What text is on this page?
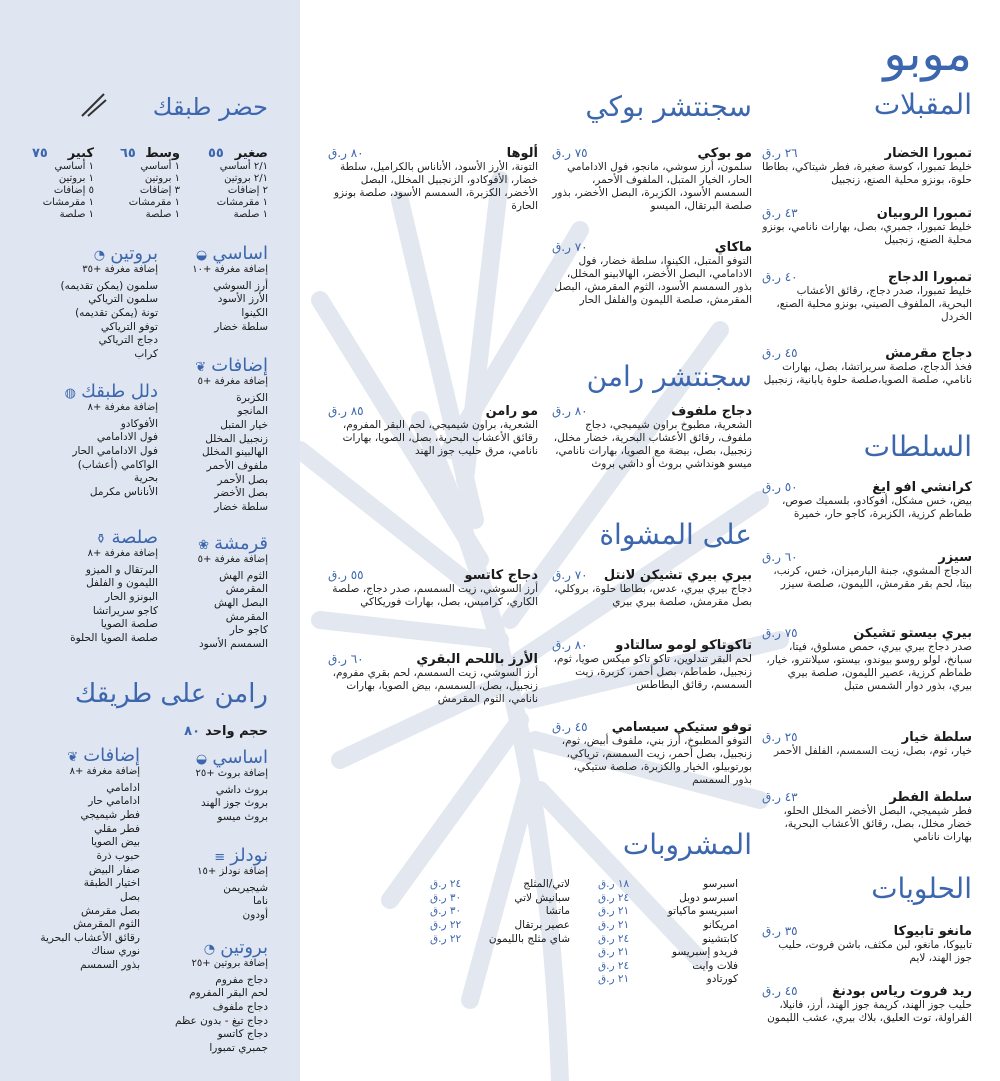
موبو
المقبلات
تمبورا الخضار
٢٦ ر.ق
خليط تمبورا، كوسة صغيرة، فطر شيتاكي، بطاطا حلوة، بونزو محلية الصنع، زنجبيل
تمبورا الروبيان
٤٣ ر.ق
خليط تمبورا، جمبري، بصل، بهارات نانامي، بونزو محلية الصنع، زنجبيل
تمبورا الدجاج
٤٠ ر.ق
خليط تمبورا، صدر دجاج، رقائق الأعشاب البحرية، الملفوف الصيني، بونزو محلية الصنع، الخردل
دجاج مقرمش
٤٥ ر.ق
فخذ الدجاج، صلصة سريراتشا، بصل، بهارات نانامي، صلصة الصويا،صلصة حلوة يابانية، زنجبيل
السلطات
كرانشي افو ايغ
٥٠ ر.ق
بيض، خس مشكل، أفوكادو، بلسميك صوص، طماطم كرزية، الكزبرة، كاجو حار، خميرة
سيزر
٦٠ ر.ق
الدجاج المشوي، جبنة البارميزان، خس، كرنب، بيتا، لحم بقر مقرمش، الليمون، صلصة سيزر
بيري بيستو تشيكن
٧٥ ر.ق
صدر دجاج بيري بيري، حمص مسلوق، فيتا، سبانخ، لولو روسو بيوندو، بيستو، سيلانترو، خيار، طماطم كرزية، عصير الليمون، صلصة بيري بيري، بذور دوار الشمس متبل
سلطة خيار
٢٥ ر.ق
خيار، ثوم، بصل، زيت السمسم، الفلفل الأحمر
سلطة الفطر
٤٣ ر.ق
فطر شيميجي، البصل الأخضر المخلل الحلو، خضار مخلل، بصل، رقائق الأعشاب البحرية، بهارات نانامي
الحلويات
مانغو تابيوكا
٣٥ ر.ق
تابيوكا، مانغو، لبن مكثف، باشن فروت، حليب جوز الهند، لايم
ريد فروت رياس بودنغ
٤٥ ر.ق
حليب جوز الهند، كريمة جوز الهند، أرز، فانيلا، الفراولة، توت العليق، بلاك بيري، عشب الليمون
سجنتشر بوكي
مو بوكي
٧٥ ر.ق
سلمون، أرز سوشي، مانجو، فول الادامامي الحار، الخيار المتبل، الملفوف الأحمر، السمسم الأسود، الكزبرة، البصل الأخضر، بذور صلصة البرتقال، الميسو
ألوها
٨٠ ر.ق
التونة، الأرز الأسود، الأناناس بالكراميل، سلطة خضار، الأفوكادو، الزنجبيل المخلل، البصل الأخضر، الكزبرة، السمسم الأسود، صلصة بونزو الحارة
ماكاي
٧٠ ر.ق
التوفو المتبل، الكينوا، سلطة خضار، فول الادامامي، البصل الأخضر، الهالابينو المخلل، بذور السمسم الأسود، الثوم المقرمش، البصل المقرمش، صلصة الليمون والفلفل الحار
سجنتشر رامن
دجاج ملفوف
٨٠ ر.ق
الشعرية، مطبوخ براون شيميجي، دجاج ملفوف، رقائق الأعشاب البحرية، خضار مخلل، زنجبيل، بصل، بيضة مع الصويا، بهارات نانامي، ميسو هونداشي بروث أو داشي بروث
مو رامن
٨٥ ر.ق
الشعرية، براون شيميجي، لحم البقر المفروم، رقائق الأعشاب البحرية، بصل، الصويا، بهارات نانامي، مرق حليب جوز الهند
على المشواة
بيري بيري تشيكن لانتل
٧٠ ر.ق
دجاج بيري بيري، عدس، بطاطا حلوة، بروكلي، بصل مقرمش، صلصة بيري بيري
دجاج كاتسو
٥٥ ر.ق
أرز السوشي، زيت السمسم، صدر دجاج، صلصة الكاري، كرامبس، بصل، بهارات فوريكاكي
تاكوتاكو لومو سالتادو
٨٠ ر.ق
لحم البقر تندلوين، تاكو تاكو ميكس صويا، ثوم، زنجبيل، طماطم، بصل أحمر، كزبرة، زيت السمسم، رقائق البطاطس
الأرز باللحم البقري
٦٠ ر.ق
أرز السوشي، زيت السمسم، لحم بقري مفروم، زنجبيل، بصل، السمسم، بيض الصويا، بهارات نانامي، الثوم المقرمش
توفو ستيكي سيسامي
٤٥ ر.ق
التوفو المطبوخ، أرز بني، ملفوف أبيض، ثوم، زنجبيل، بصل أحمر، زيت السمسم، ترياكي، بورتوبيلو، الخيار والكزبرة، صلصة ستيكي، بذور السمسم
المشروبات
اسبرسو
١٨ ر.ق
اسبرسو دوبل
٢٤ ر.ق
اسبريسو ماكياتو
٢١ ر.ق
امريكانو
٢١ ر.ق
كابتشينو
٢٤ ر.ق
فريدو إسبريسو
٢١ ر.ق
فلات وايت
٢٤ ر.ق
كورتادو
٢١ ر.ق
لاتي/المثلج
٢٤ ر.ق
سبانيش لاتي
٣٠ ر.ق
ماتشا
٣٠ ر.ق
عصير برتقال
٢٢ ر.ق
شاي مثلج بالليمون
٢٢ ر.ق
حضر طبقك
صغير
٥٥
٢/١ أساسي
٢/١ بروتين
٢ إضافات
١ مقرمشات
١ صلصة
وسط
٦٥
١ أساسي
١ بروتين
٣ إضافات
١ مقرمشات
١ صلصة
كبير
٧٥
١ أساسي
١ بروتين
٥ إضافات
١ مقرمشات
١ صلصة
اساسي ◒
إضافة مغرفة +١٠
أرز السوشي
الأرز الأسود
الكينوا
سلطة خضار
بروتين ◔
إضافة مغرفة +٣٥
سلمون (يمكن تقديمه)
سلمون الترياكي
تونة (يمكن تقديمه)
توفو الترياكي
دجاج الترياكي
كراب
إضافات ❦
إضافة مغرفة +٥
الكزبرة
المانجو
خيار المتبل
زنجبيل المخلل
الهالبينو المخلل
ملفوف الأحمر
بصل الأحمر
بصل الأخضر
سلطة خضار
دلل طبقك ◍
إضافة مغرفة +٨
الأفوكادو
فول الادامامي
فول الادامامي الحار
الواكامي (أعشاب)
بحرية
الأناناس مكرمل
صلصة ⚱
إضافة مغرفة +٨
البرتقال و الميزو
الليمون و الفلفل
البونزو الحار
كاجو سريراتشا
صلصة الصويا
صلصة الصويا الحلوة
قرمشة ❀
إضافة مغرفة +٥
الثوم الهش
المقرمش
البصل الهش
المقرمش
كاجو حار
السمسم الأسود
رامن على طريقك
حجم واحد ٨٠
اساسي ◒
إضافة بروث +٢٥
بروث داشي
بروث جوز الهند
بروث ميسو
نودلز ≡
إضافة نودلز +١٥
شيجيريمن
ناما
أودون
بروتين ◔
إضافة بروتين +٢٥
دجاج مفروم
لحم البقر المفروم
دجاج ملفوف
دجاج تيغ - بدون عظم
دجاج كاتسو
جمبري تمبورا
إضافات ❦
إضافة مغرفة +٨
ادامامي
ادامامي حار
فطر شيميجي
فطر مقلي
بيض الصويا
حبوب ذرة
صفار البيض
اختيار الطبقة
بصل
بصل مقرمش
الثوم المقرمش
رقائق الأعشاب البحرية
نوري سناك
بذور السمسم
